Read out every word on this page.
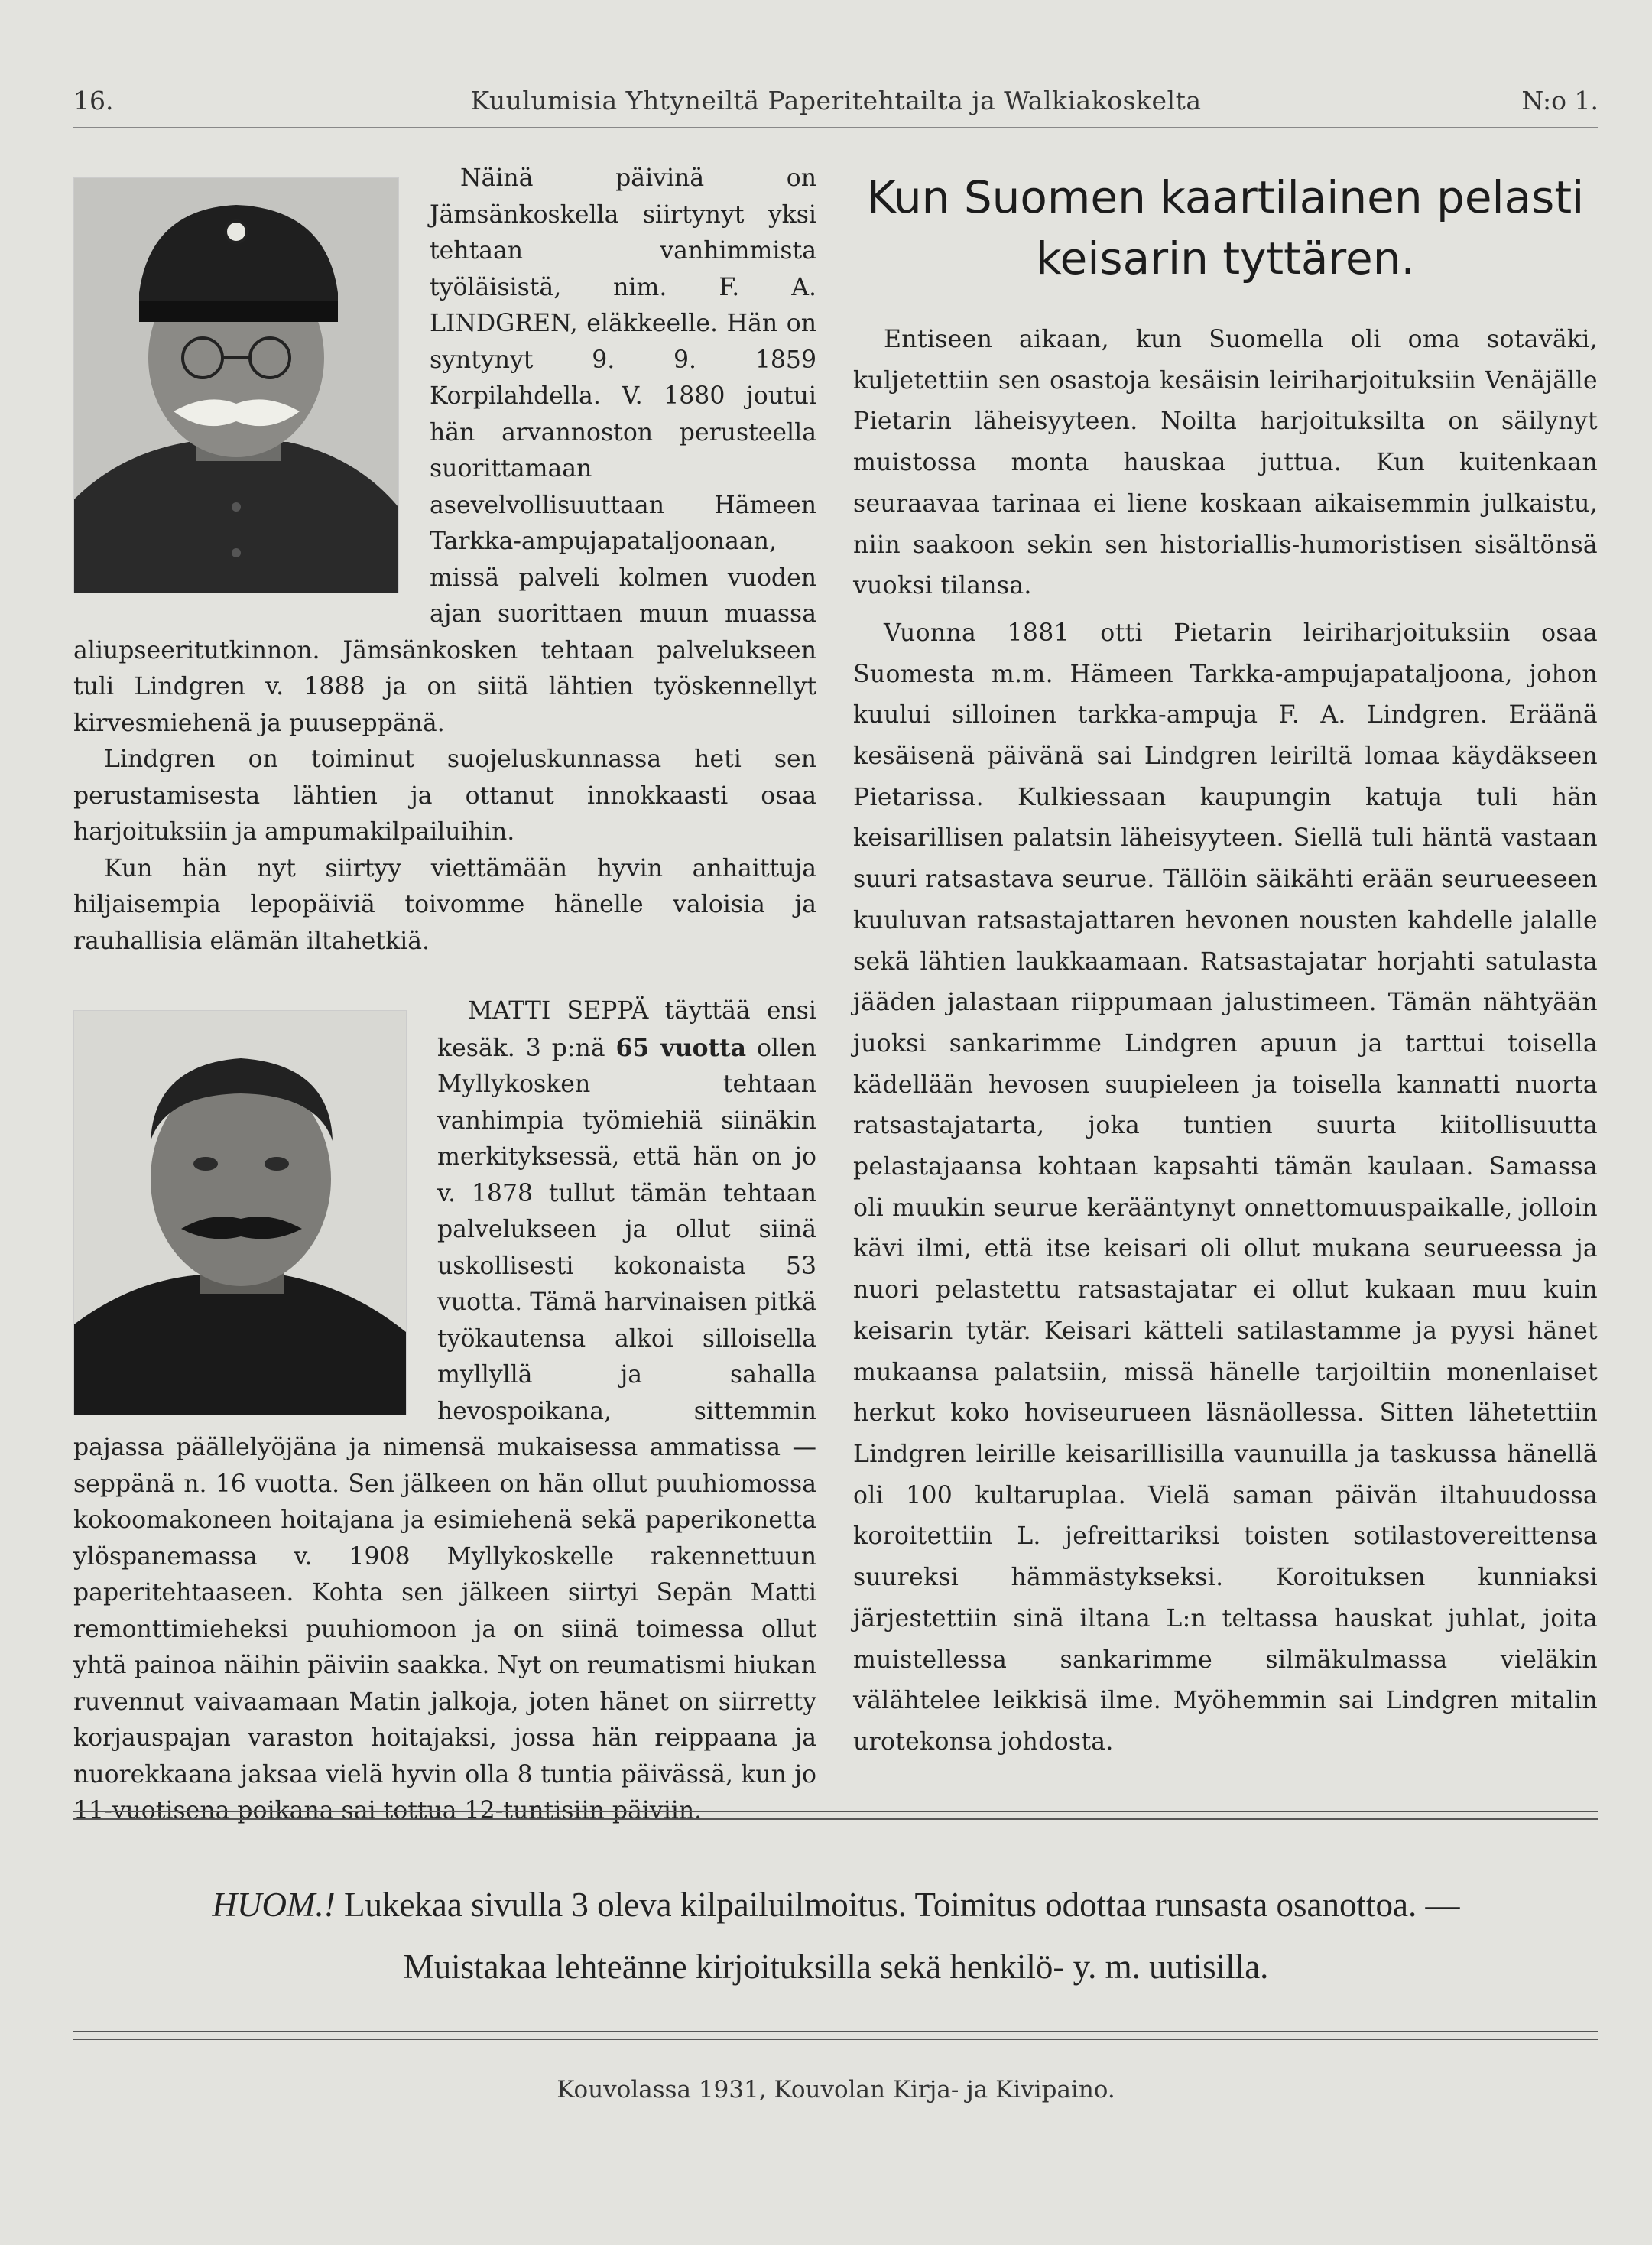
16.	Kuulumisia Yhtyneiltä Paperitehtailta ja Walkiakoskelta	N:o 1.

Näinä päivinä on Jämsänkoskella siirtynyt yksi tehtaan vanhimmista työläisistä, nim. F. A. LINDGREN, eläkkeelle. Hän on syntynyt 9. 9. 1859 Korpilahdella. V. 1880 joutui hän arvannoston perusteella suorittamaan asevelvollisuuttaan Hämeen Tarkka-ampujapataljoonaan, missä palveli kolmen vuoden ajan suorittaen muun muassa aliupseeritutkinnon. Jämsänkosken tehtaan palvelukseen tuli Lindgren v. 1888 ja on siitä lähtien työskennellyt kirvesmiehenä ja puuseppänä.

Lindgren on toiminut suojeluskunnassa heti sen perustamisesta lähtien ja ottanut innokkaasti osaa harjoituksiin ja ampumakilpailuihin.

Kun hän nyt siirtyy viettämään hyvin anhaittuja hiljaisempia lepopäiviä toivomme hänelle valoisia ja rauhallisia elämän iltahetkiä.

MATTI SEPPÄ täyttää ensi kesäk. 3 p:nä 65 vuotta ollen Myllykosken tehtaan vanhimpia työmiehiä siinäkin merkityksessä, että hän on jo v. 1878 tullut tämän tehtaan palvelukseen ja ollut siinä uskollisesti kokonaista 53 vuotta. Tämä harvinaisen pitkä työkautensa alkoi silloisella myllyllä ja sahalla hevospoikana, sittemmin pajassa päällelyöjäna ja nimensä mukaisessa ammatissa — seppänä n. 16 vuotta. Sen jälkeen on hän ollut puuhiomossa kokoomakoneen hoitajana ja esimiehenä sekä paperikonetta ylöspanemassa v. 1908 Myllykoskelle rakennettuun paperitehtaaseen. Kohta sen jälkeen siirtyi Sepän Matti remonttimieheksi puuhiomoon ja on siinä toimessa ollut yhtä painoa näihin päiviin saakka. Nyt on reumatismi hiukan ruvennut vaivaamaan Matin jalkoja, joten hänet on siirretty korjauspajan varaston hoitajaksi, jossa hän reippaana ja nuorekkaana jaksaa vielä hyvin olla 8 tuntia päivässä, kun jo 11-vuotisena poikana sai tottua 12-tuntisiin päiviin.

Kun Suomen kaartilainen pelasti keisarin tyttären.

Entiseen aikaan, kun Suomella oli oma sotaväki, kuljetettiin sen osastoja kesäisin leiriharjoituksiin Venäjälle Pietarin läheisyyteen. Noilta harjoituksilta on säilynyt muistossa monta hauskaa juttua. Kun kuitenkaan seuraavaa tarinaa ei liene koskaan aikaisemmin julkaistu, niin saakoon sekin sen historiallis-humoristisen sisältönsä vuoksi tilansa.

Vuonna 1881 otti Pietarin leiriharjoituksiin osaa Suomesta m.m. Hämeen Tarkka-ampujapataljoona, johon kuului silloinen tarkka-ampuja F. A. Lindgren. Eräänä kesäisenä päivänä sai Lindgren leiriltä lomaa käydäkseen Pietarissa. Kulkiessaan kaupungin katuja tuli hän keisarillisen palatsin läheisyyteen. Siellä tuli häntä vastaan suuri ratsastava seurue. Tällöin säikähti erään seurueeseen kuuluvan ratsastajattaren hevonen nousten kahdelle jalalle sekä lähtien laukkaamaan. Ratsastajatar horjahti satulasta jääden jalastaan riippumaan jalustimeen. Tämän nähtyään juoksi sankarimme Lindgren apuun ja tarttui toisella kädellään hevosen suupieleen ja toisella kannatti nuorta ratsastajatarta, joka tuntien suurta kiitollisuutta pelastajaansa kohtaan kapsahti tämän kaulaan. Samassa oli muukin seurue kerääntynyt onnettomuuspaikalle, jolloin kävi ilmi, että itse keisari oli ollut mukana seurueessa ja nuori pelastettu ratsastajatar ei ollut kukaan muu kuin keisarin tytär. Keisari kätteli satilastamme ja pyysi hänet mukaansa palatsiin, missä hänelle tarjoiltiin monenlaiset herkut koko hoviseurueen läsnäollessa. Sitten lähetettiin Lindgren leirille keisarillisilla vaunuilla ja taskussa hänellä oli 100 kultaruplaa. Vielä saman päivän iltahuudossa koroitettiin L. jefreittariksi toisten sotilastovereittensa suureksi hämmästykseksi. Koroituksen kunniaksi järjestettiin sinä iltana L:n teltassa hauskat juhlat, joita muistellessa sankarimme silmäkulmassa vieläkin välähtelee leikkisä ilme. Myöhemmin sai Lindgren mitalin urotekonsa johdosta.

HUOM.! Lukekaa sivulla 3 oleva kilpailuilmoitus. Toimitus odottaa runsasta osanottoa. —
Muistakaa lehteänne kirjoituksilla sekä henkilö- y. m. uutisilla.
Kouvolassa 1931, Kouvolan Kirja- ja Kivipaino.
